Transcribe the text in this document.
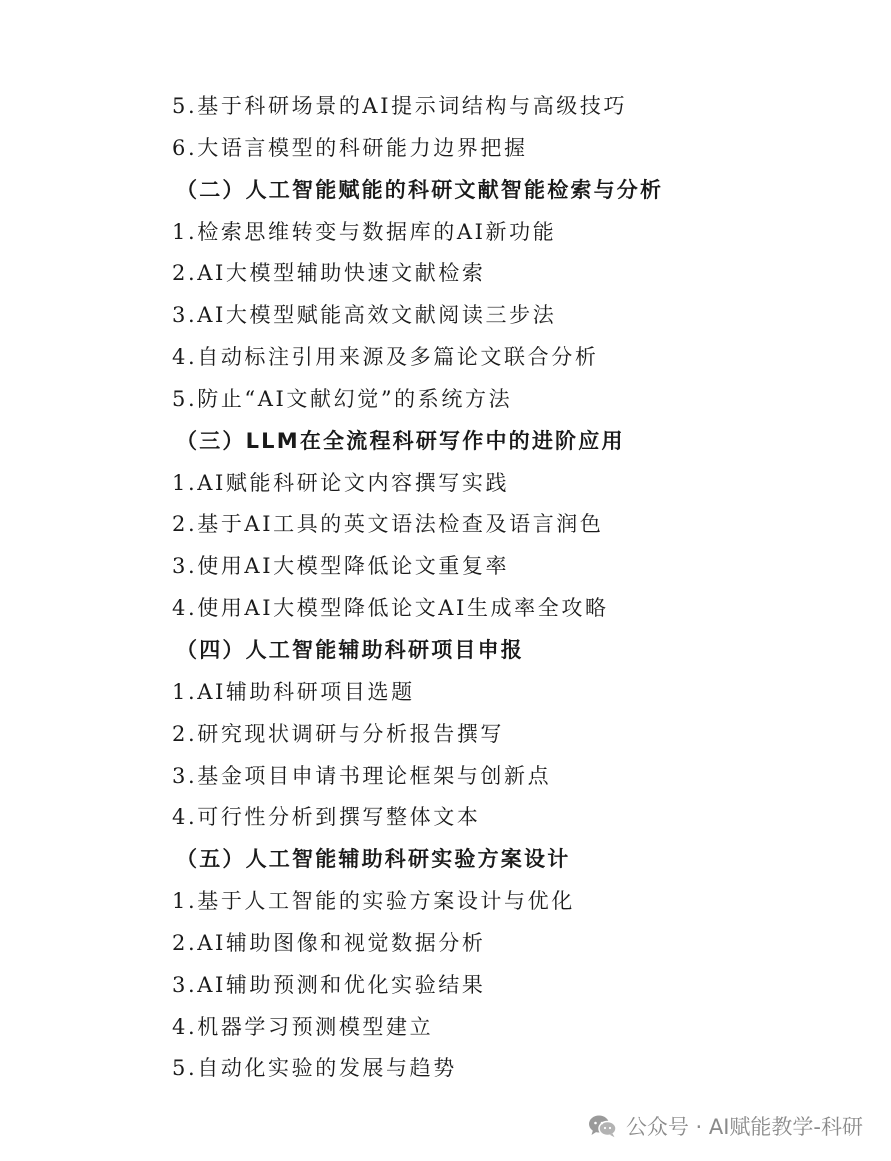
5.基于科研场景的AI提示词结构与高级技巧
6.大语言模型的科研能力边界把握
（二）人工智能赋能的科研文献智能检索与分析
1.检索思维转变与数据库的AI新功能
2.AI大模型辅助快速文献检索
3.AI大模型赋能高效文献阅读三步法
4.自动标注引用来源及多篇论文联合分析
5.防止“AI文献幻觉”的系统方法
（三）LLM在全流程科研写作中的进阶应用
1.AI赋能科研论文内容撰写实践
2.基于AI工具的英文语法检查及语言润色
3.使用AI大模型降低论文重复率
4.使用AI大模型降低论文AI生成率全攻略
（四）人工智能辅助科研项目申报
1.AI辅助科研项目选题
2.研究现状调研与分析报告撰写
3.基金项目申请书理论框架与创新点
4.可行性分析到撰写整体文本
（五）人工智能辅助科研实验方案设计
1.基于人工智能的实验方案设计与优化
2.AI辅助图像和视觉数据分析
3.AI辅助预测和优化实验结果
4.机器学习预测模型建立
5.自动化实验的发展与趋势
公众号 · AI赋能教学-科研
